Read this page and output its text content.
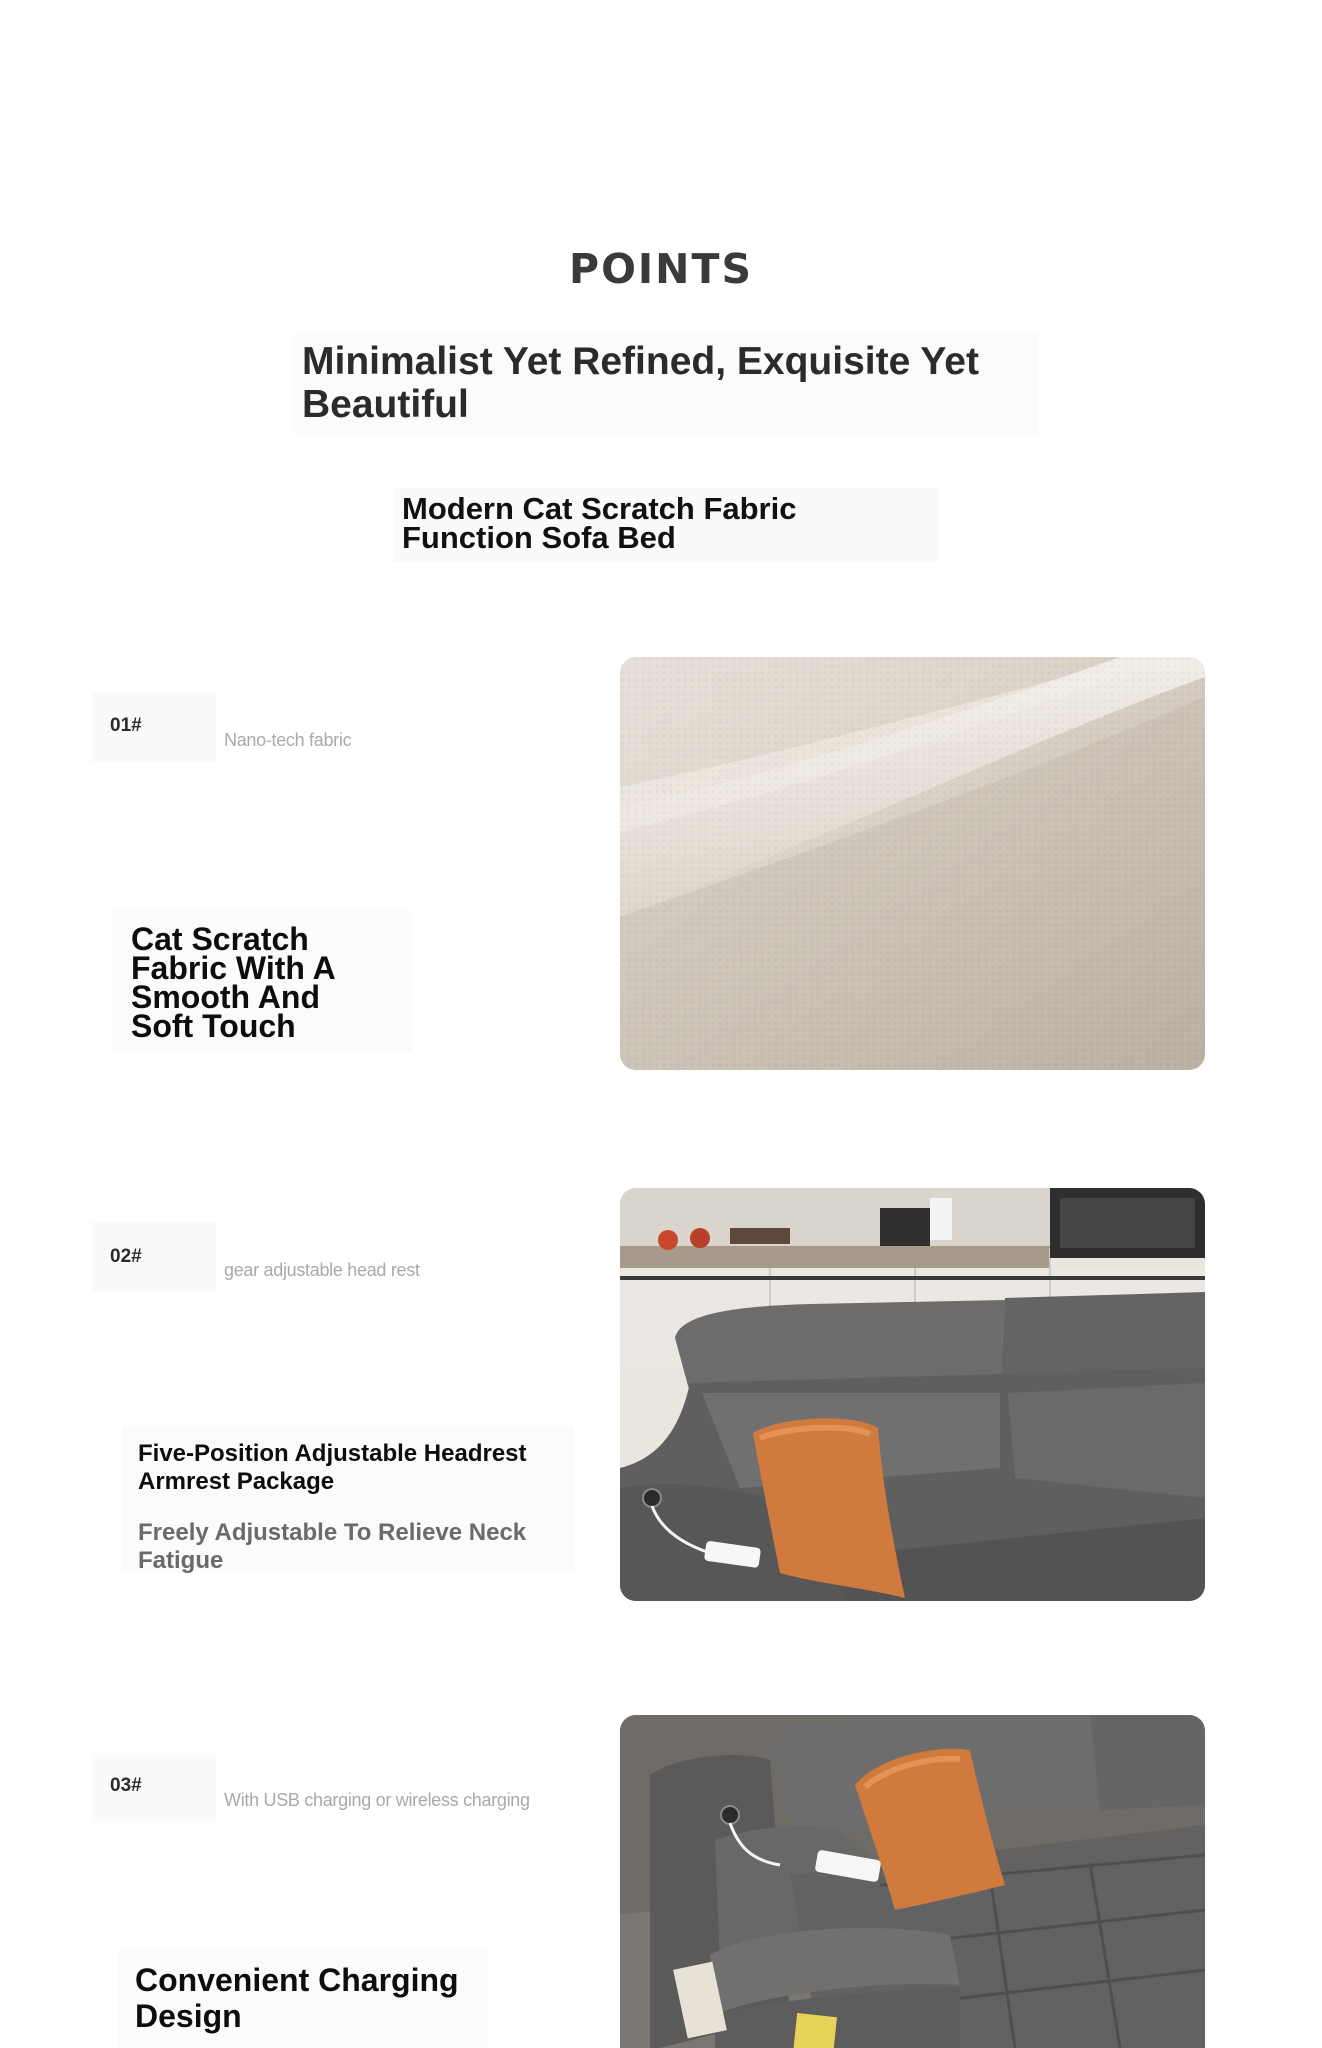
POINTS
Minimalist Yet Refined, Exquisite Yet Beautiful
Modern Cat Scratch Fabric Function Sofa Bed
01#
Nano-tech fabric
Cat Scratch Fabric With A Smooth And Soft Touch
02#
gear adjustable head rest
Five-Position Adjustable Headrest Armrest Package
Freely Adjustable To Relieve Neck Fatigue
03#
With USB charging or wireless charging
Convenient Charging Design
